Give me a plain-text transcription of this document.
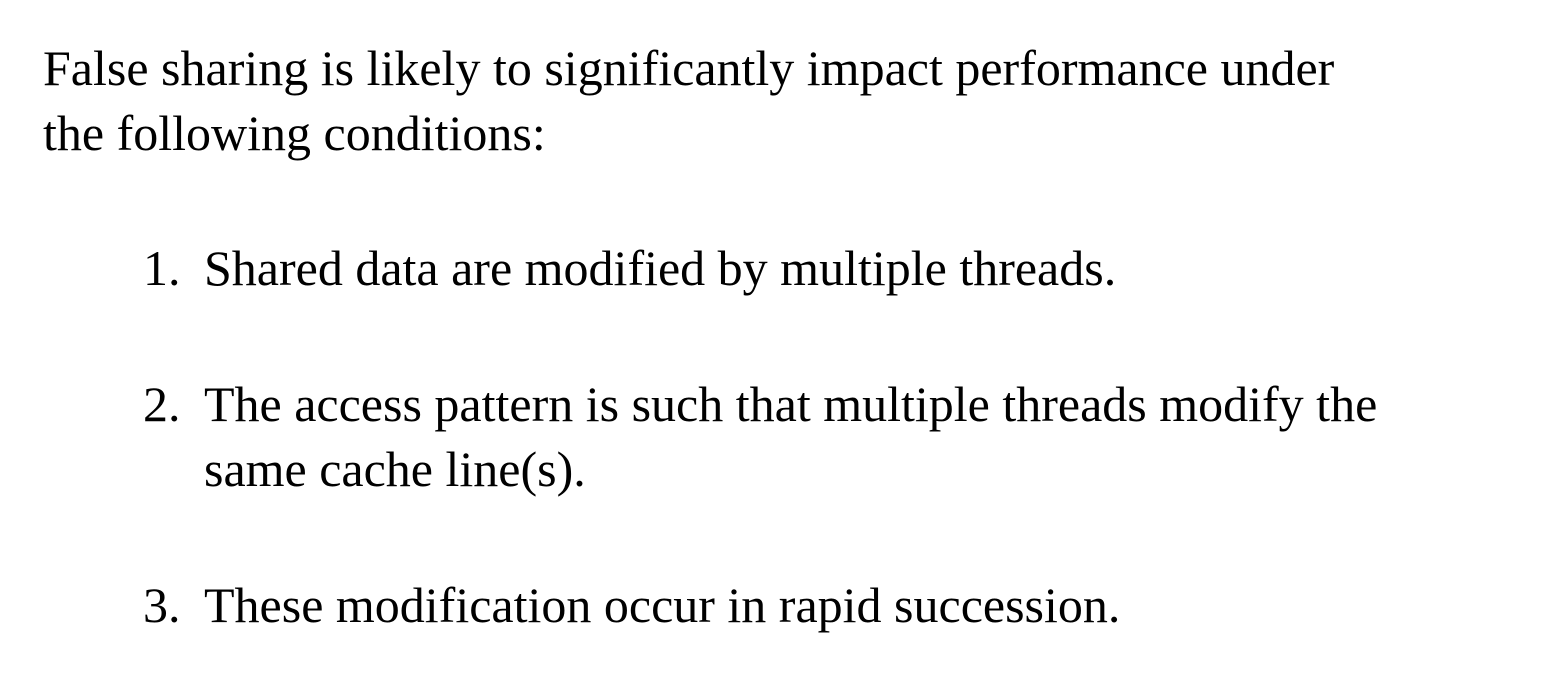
False sharing is likely to significantly impact performance under the following conditions:

1. Shared data are modified by multiple threads.
2. The access pattern is such that multiple threads modify the same cache line(s).
3. These modification occur in rapid succession.
